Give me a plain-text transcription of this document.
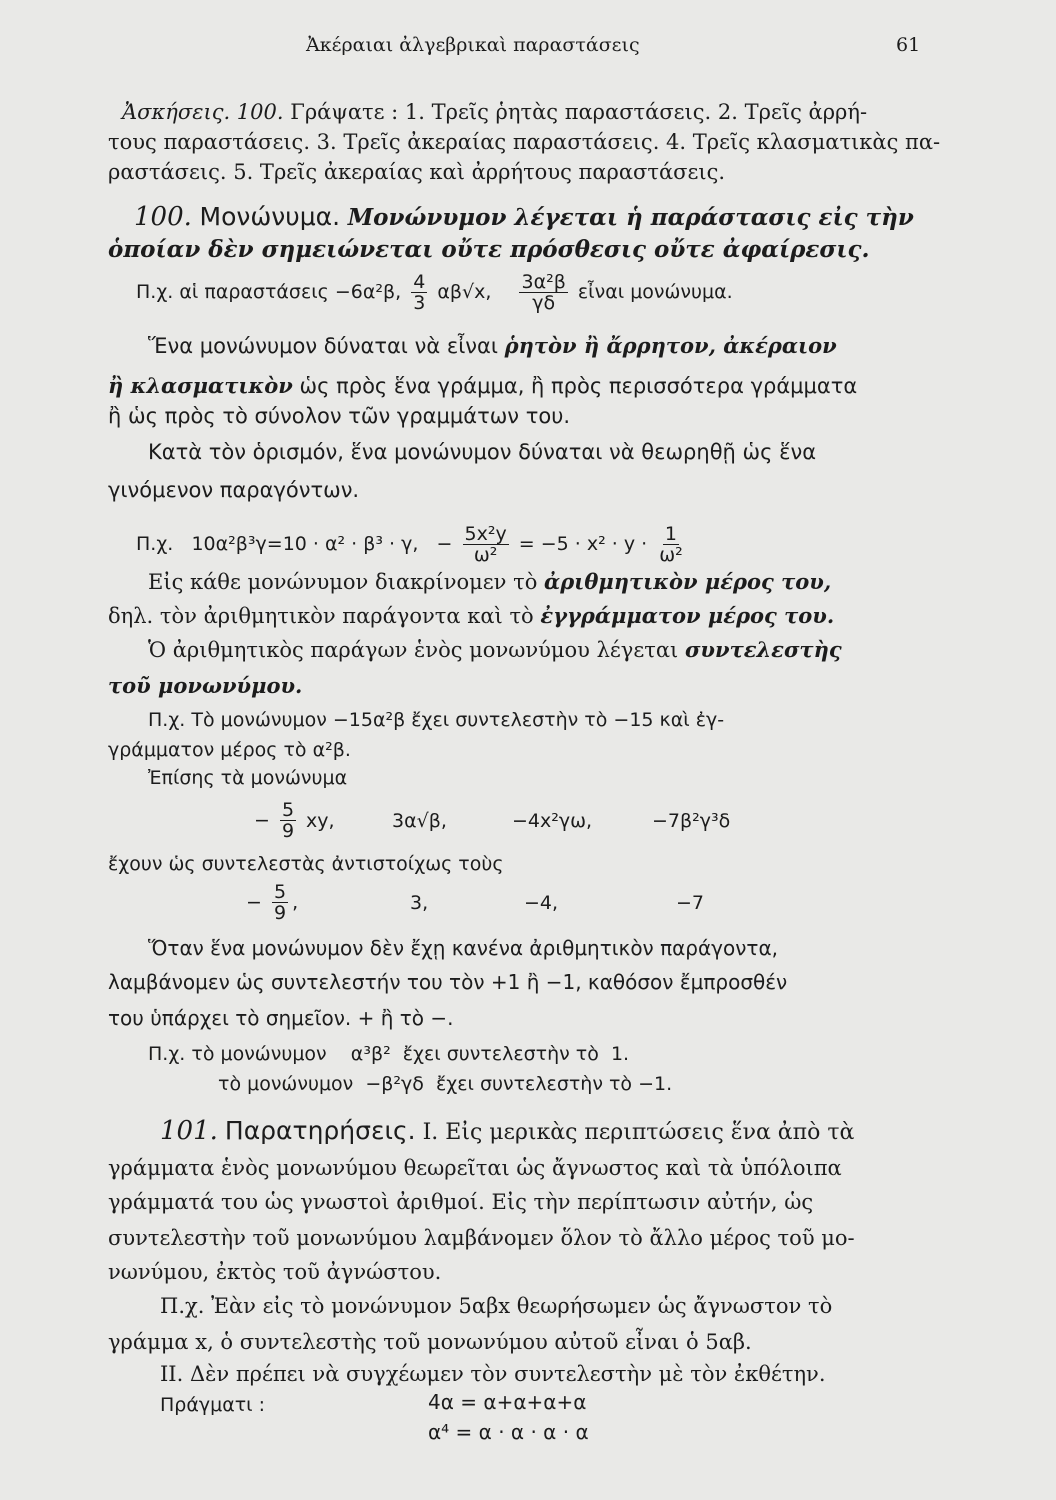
Ἀκέραιαι ἀλγεβρικαὶ παραστάσεις	61
Ἀσκήσεις. 100. Γράψατε : 1. Τρεῖς ῥητὰς παραστάσεις. 2. Τρεῖς ἀρρή-
τους παραστάσεις. 3. Τρεῖς ἀκεραίας παραστάσεις. 4. Τρεῖς κλασματικὰς πα-
ραστάσεις. 5. Τρεῖς ἀκεραίας καὶ ἀρρήτους παραστάσεις.
100. Μονώνυμα. Μονώνυμον λέγεται ἡ παράστασις εἰς τὴν
ὁποίαν δὲν σημειώνεται οὔτε πρόσθεσις οὔτε ἀφαίρεσις.
Π.χ. αἱ παραστάσεις −6α²β, $\frac{4}{3} \alpha\beta√x$, $\frac{\text{3α²β}}{\gamma\delta}$ εἶναι μονώνυμα.
Ἕνα μονώνυμον δύναται νὰ εἶναι ῥητὸν ἢ ἄρρητον, ἀκέραιον
ἢ κλασματικὸν ὡς πρὸς ἕνα γράμμα, ἢ πρὸς περισσότερα γράμματα
ἢ ὡς πρὸς τὸ σύνολον τῶν γραμμάτων του.
Κατὰ τὸν ὁρισμόν, ἕνα μονώνυμον δύναται νὰ θεωρηθῇ ὡς ἕνα
γινόμενον παραγόντων.
Π.χ. 10α²β³γ=10 · α² · β³ · γ, − $\frac{\text{5x²y}}{\text{ω²}} = -5 \cdot x^2 \cdot y \cdot \frac{1}{\text{ω²}}$
Εἰς κάθε μονώνυμον διακρίνομεν τὸ ἀριθμητικὸν μέρος του,
δηλ. τὸν ἀριθμητικὸν παράγοντα καὶ τὸ ἐγγράμματον μέρος του.
Ὁ ἀριθμητικὸς παράγων ἑνὸς μονωνύμου λέγεται συντελεστὴς
τοῦ μονωνύμου.
Π.χ. Τὸ μονώνυμον −15α²β ἔχει συντελεστὴν τὸ −15 καὶ ἐγ-
γράμματον μέρος τὸ α²β.
Ἐπίσης τὰ μονώνυμα
− $\frac{5}{9}$ xy,	3α√β,	−4x²γω,	−7β²γ³δ
ἔχουν ὡς συντελεστὰς ἀντιστοίχως τοὺς
− $\frac{5}{9}$ ,	3,	−4,	−7
Ὅταν ἕνα μονώνυμον δὲν ἔχῃ κανένα ἀριθμητικὸν παράγοντα,
λαμβάνομεν ὡς συντελεστήν του τὸν +1 ἢ −1, καθόσον ἔμπροσθέν
του ὑπάρχει τὸ σημεῖον. + ἢ τὸ −.
Π.χ. τὸ μονώνυμον    α³β²  ἔχει συντελεστὴν τὸ  1.
τὸ μονώνυμον  −β²γδ  ἔχει συντελεστὴν τὸ −1.
101. Παρατηρήσεις. I. Εἰς μερικὰς περιπτώσεις ἕνα ἀπὸ τὰ
γράμματα ἑνὸς μονωνύμου θεωρεῖται ὡς ἄγνωστος καὶ τὰ ὑπόλοιπα
γράμματά του ὡς γνωστοὶ ἀριθμοί. Εἰς τὴν περίπτωσιν αὐτήν, ὡς
συντελεστὴν τοῦ μονωνύμου λαμβάνομεν ὅλον τὸ ἄλλο μέρος τοῦ μο-
νωνύμου, ἐκτὸς τοῦ ἀγνώστου.
Π.χ. Ἐὰν εἰς τὸ μονώνυμον 5αβx θεωρήσωμεν ὡς ἄγνωστον τὸ
γράμμα x, ὁ συντελεστὴς τοῦ μονωνύμου αὐτοῦ εἶναι ὁ 5αβ.
II. Δὲν πρέπει νὰ συγχέωμεν τὸν συντελεστὴν μὲ τὸν ἐκθέτην.
Πράγματι :	4α = α+α+α+α
α⁴ = α · α · α · α
